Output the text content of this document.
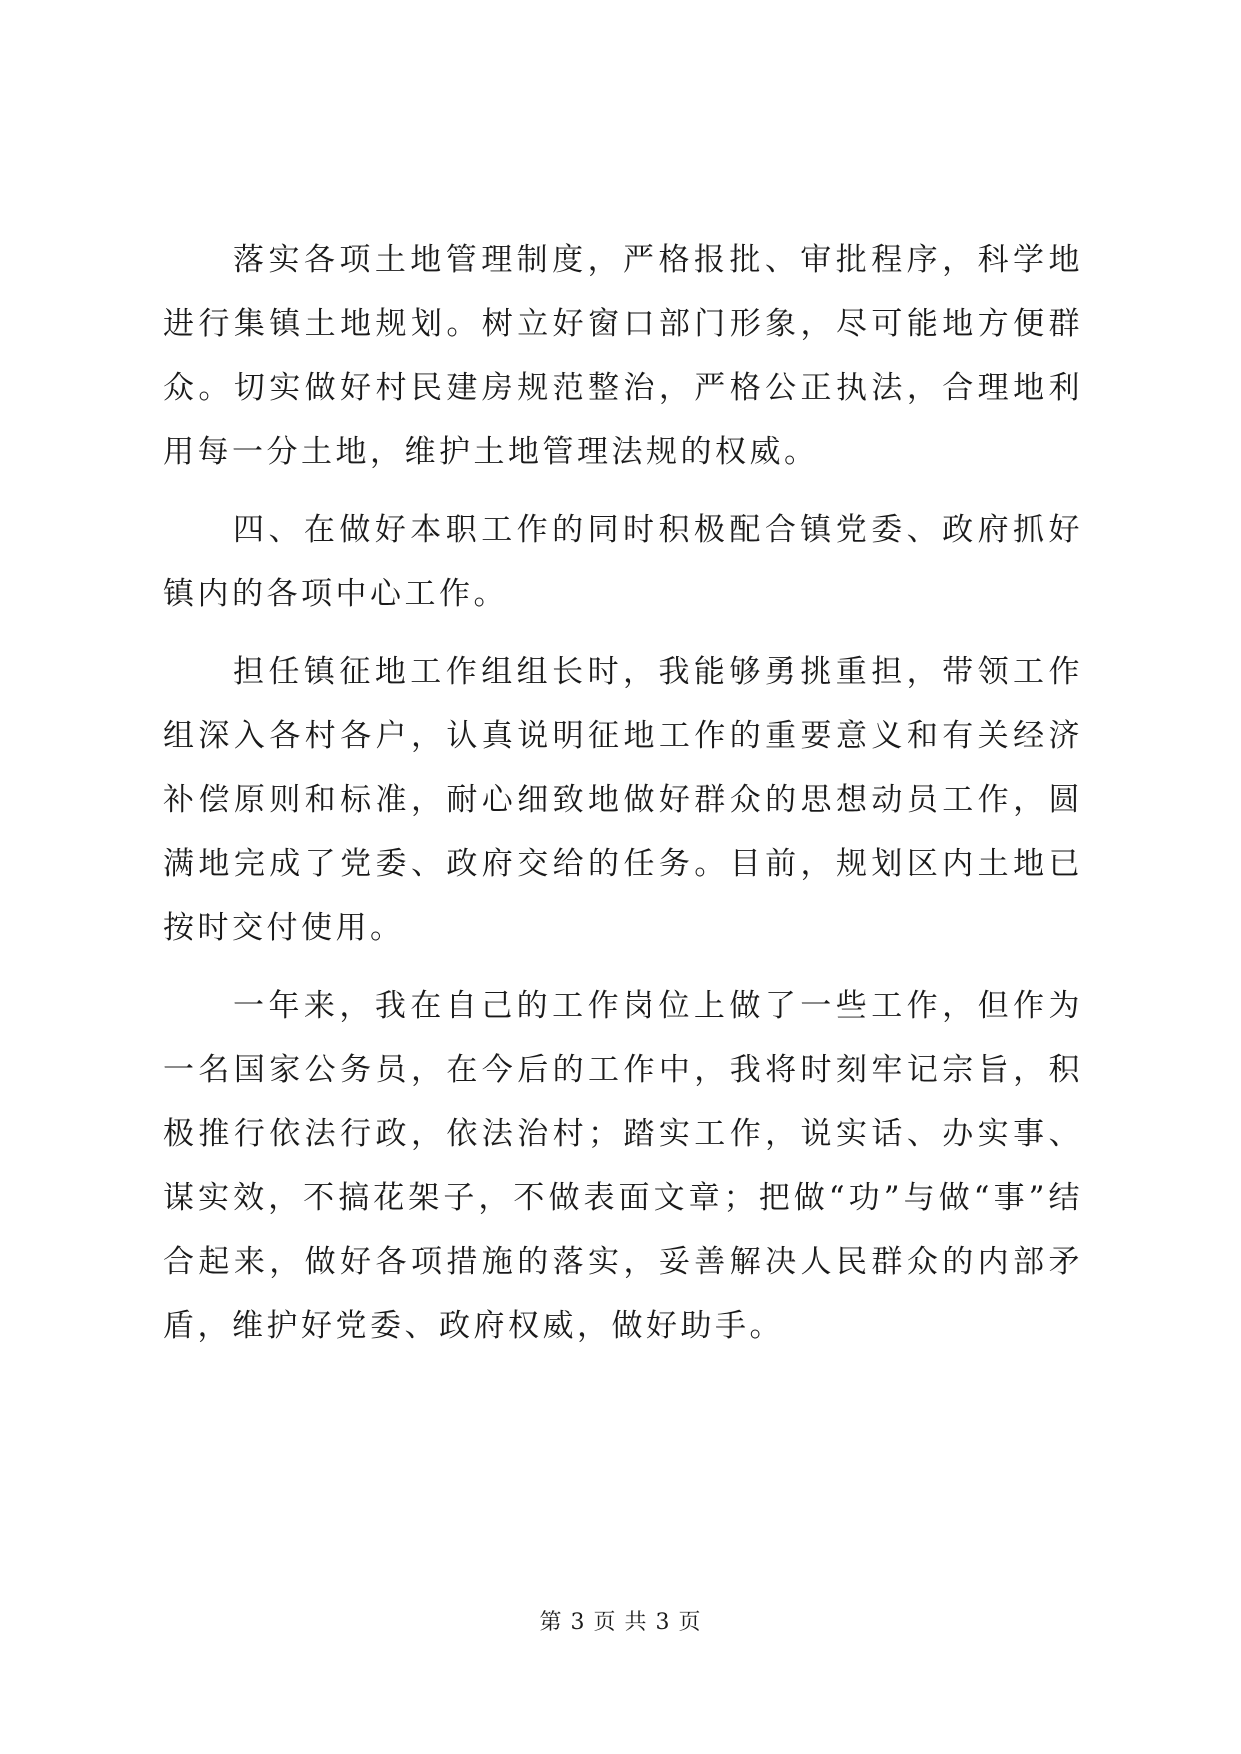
落实各项土地管理制度，严格报批、审批程序，科学地进行集镇土地规划。树立好窗口部门形象，尽可能地方便群众。切实做好村民建房规范整治，严格公正执法，合理地利用每一分土地，维护土地管理法规的权威。

四、在做好本职工作的同时积极配合镇党委、政府抓好镇内的各项中心工作。

担任镇征地工作组组长时，我能够勇挑重担，带领工作组深入各村各户，认真说明征地工作的重要意义和有关经济补偿原则和标准，耐心细致地做好群众的思想动员工作，圆满地完成了党委、政府交给的任务。目前，规划区内土地已按时交付使用。

一年来，我在自己的工作岗位上做了一些工作，但作为一名国家公务员，在今后的工作中，我将时刻牢记宗旨，积极推行依法行政，依法治村；踏实工作，说实话、办实事、谋实效，不搞花架子，不做表面文章；把做“功”与做“事”结合起来，做好各项措施的落实，妥善解决人民群众的内部矛盾，维护好党委、政府权威，做好助手。

第 3 页 共 3 页
